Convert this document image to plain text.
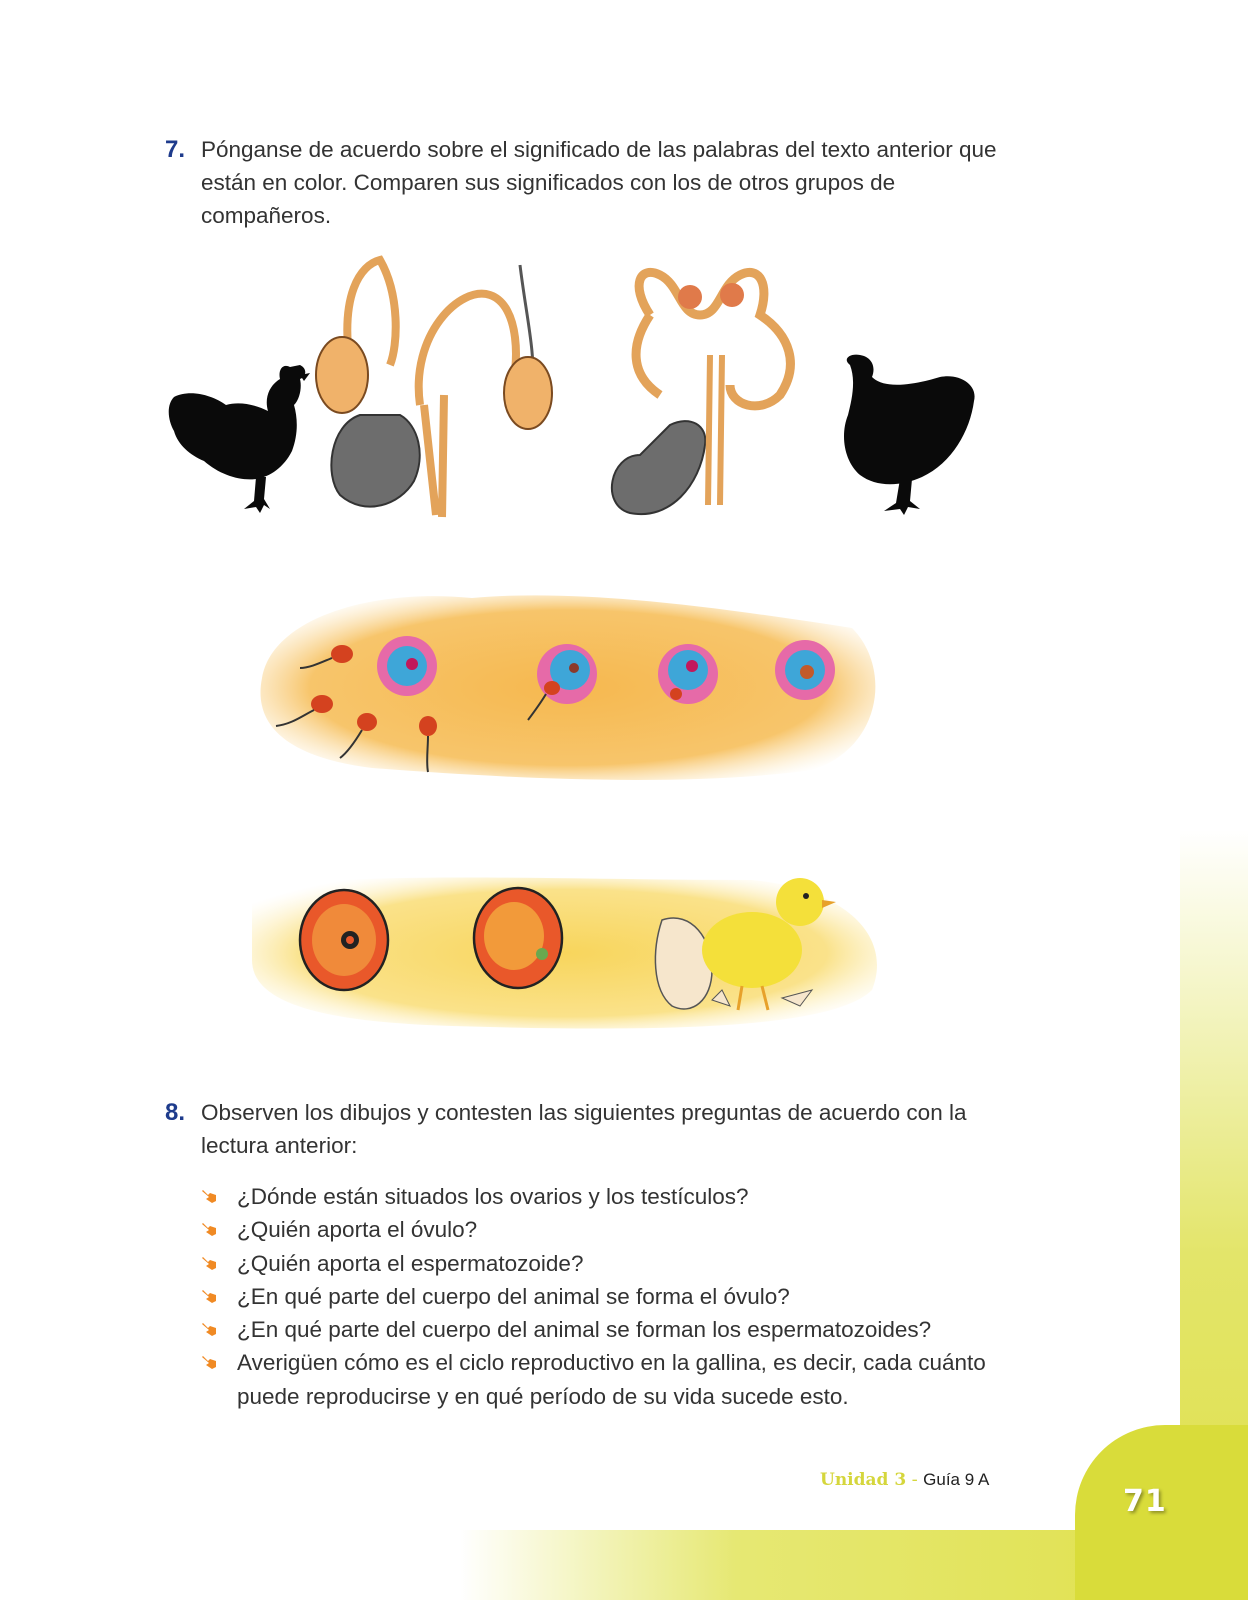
71
7. Pónganse de acuerdo sobre el significado de las palabras del texto anterior que están en color. Comparen sus significados con los de otros grupos de compañeros.
8. Observen los dibujos y contesten las siguientes preguntas de acuerdo con la lectura anterior:
¿Dónde están situados los ovarios y los testículos?
¿Quién aporta el óvulo?
¿Quién aporta el espermatozoide?
¿En qué parte del cuerpo del animal se forma el óvulo?
¿En qué parte del cuerpo del animal se forman los espermatozoides?
Averigüen cómo es el ciclo reproductivo en la gallina, es decir, cada cuánto puede reproducirse y en qué período de su vida sucede esto.
Unidad 3 - Guía 9 A
